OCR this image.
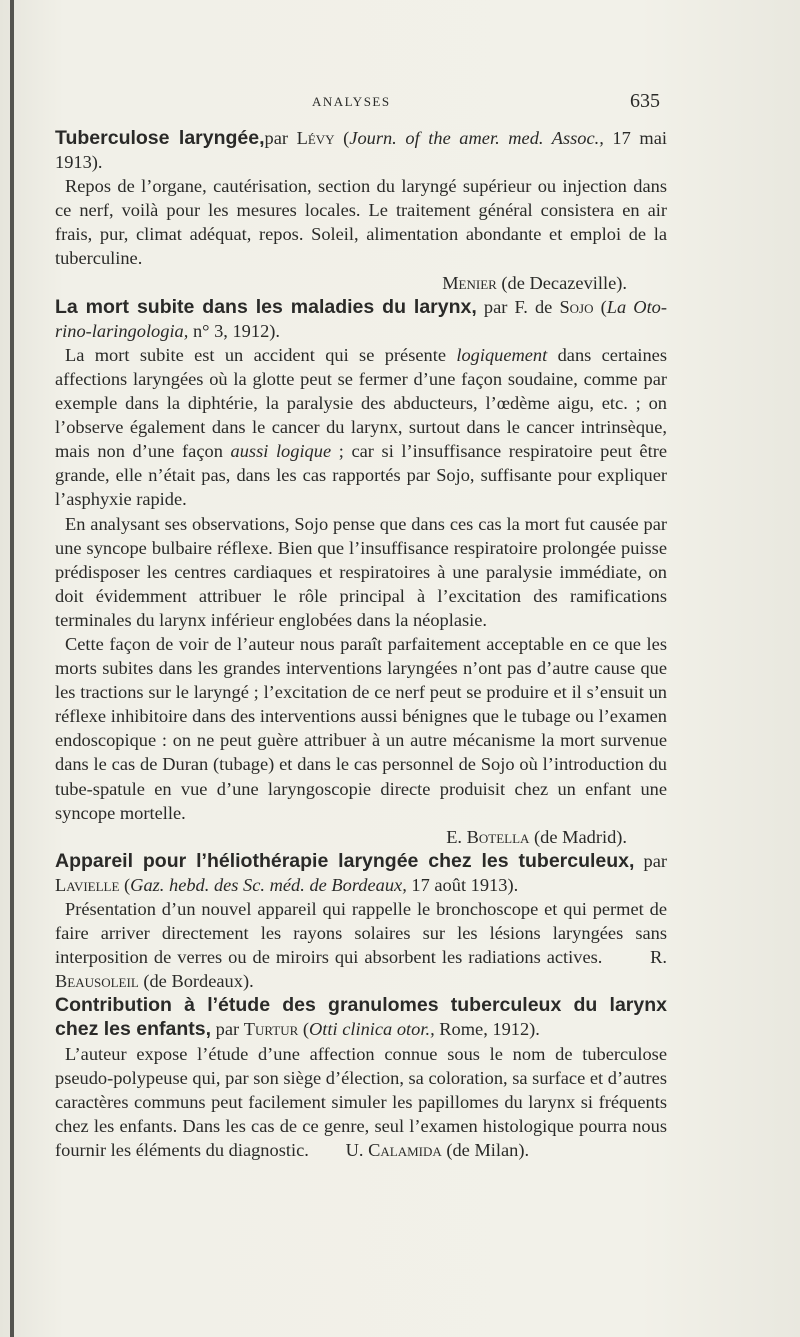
ANALYSES	635

Tuberculose laryngée,par Lévy (Journ. of the amer. med. Assoc., 17 mai 1913).

Repos de l’organe, cautérisation, section du laryngé supérieur ou injection dans ce nerf, voilà pour les mesures locales. Le traitement général consistera en air frais, pur, climat adéquat, repos. Soleil, alimentation abondante et emploi de la tuberculine.

Menier (de Decazeville).

La mort subite dans les maladies du larynx, par F. de Sojo (La Oto-rino-laringologia, n° 3, 1912).

La mort subite est un accident qui se présente logiquement dans certaines affections laryngées où la glotte peut se fermer d’une façon soudaine, comme par exemple dans la diphtérie, la paralysie des abducteurs, l’œdème aigu, etc. ; on l’observe également dans le cancer du larynx, surtout dans le cancer intrinsèque, mais non d’une façon aussi logique ; car si l’insuffisance respiratoire peut être grande, elle n’était pas, dans les cas rapportés par Sojo, suffisante pour expliquer l’asphyxie rapide.

En analysant ses observations, Sojo pense que dans ces cas la mort fut causée par une syncope bulbaire réflexe. Bien que l’insuffisance respiratoire prolongée puisse prédisposer les centres cardiaques et respiratoires à une paralysie immédiate, on doit évidemment attribuer le rôle principal à l’excitation des ramifications terminales du larynx inférieur englobées dans la néoplasie.

Cette façon de voir de l’auteur nous paraît parfaitement acceptable en ce que les morts subites dans les grandes interventions laryngées n’ont pas d’autre cause que les tractions sur le laryngé ; l’excitation de ce nerf peut se produire et il s’ensuit un réflexe inhibitoire dans des interventions aussi bénignes que le tubage ou l’examen endoscopique : on ne peut guère attribuer à un autre mécanisme la mort survenue dans le cas de Duran (tubage) et dans le cas personnel de Sojo où l’introduction du tube-spatule en vue d’une laryngoscopie directe produisit chez un enfant une syncope mortelle.

E. Botella (de Madrid).

Appareil pour l’héliothérapie laryngée chez les tuberculeux, par Lavielle (Gaz. hebd. des Sc. méd. de Bordeaux, 17 août 1913).

Présentation d’un nouvel appareil qui rappelle le bronchoscope et qui permet de faire arriver directement les rayons solaires sur les lésions laryngées sans interposition de verres ou de miroirs qui absorbent les radiations actives.	R. Beausoleil (de Bordeaux).

Contribution à l’étude des granulomes tuberculeux du larynx chez les enfants, par Turtur (Otti clinica otor., Rome, 1912).

L’auteur expose l’étude d’une affection connue sous le nom de tuberculose pseudo-polypeuse qui, par son siège d’élection, sa coloration, sa surface et d’autres caractères communs peut facilement simuler les papillomes du larynx si fréquents chez les enfants. Dans les cas de ce genre, seul l’examen histologique pourra nous fournir les éléments du diagnostic. U. Calamida (de Milan).
